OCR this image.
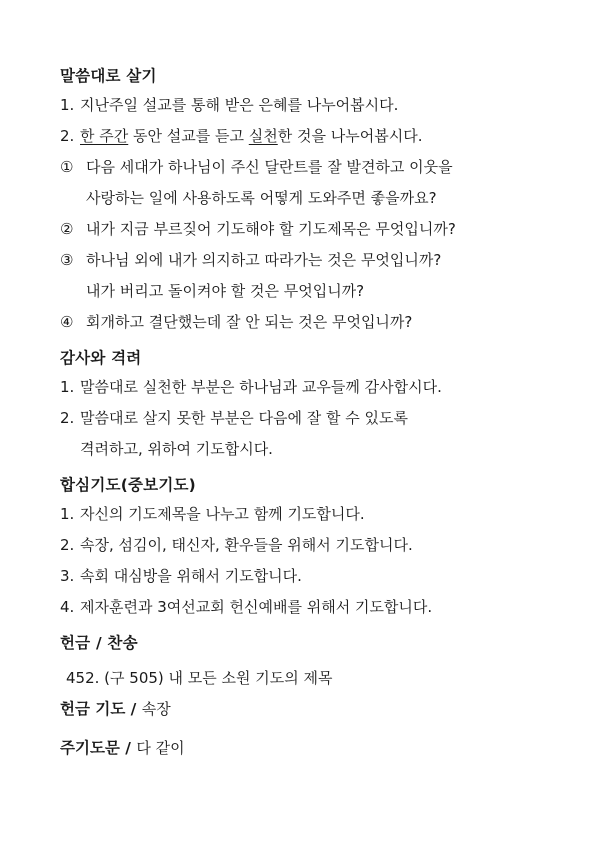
말씀대로 살기
1. 지난주일 설교를 통해 받은 은혜를 나누어봅시다.
2. 한 주간 동안 설교를 듣고 실천한 것을 나누어봅시다.
① 다음 세대가 하나님이 주신 달란트를 잘 발견하고 이웃을
사랑하는 일에 사용하도록 어떻게 도와주면 좋을까요?
② 내가 지금 부르짖어 기도해야 할 기도제목은 무엇입니까?
③ 하나님 외에 내가 의지하고 따라가는 것은 무엇입니까?
내가 버리고 돌이켜야 할 것은 무엇입니까?
④ 회개하고 결단했는데 잘 안 되는 것은 무엇입니까?
감사와 격려
1. 말씀대로 실천한 부분은 하나님과 교우들께 감사합시다.
2. 말씀대로 살지 못한 부분은 다음에 잘 할 수 있도록
격려하고, 위하여 기도합시다.
합심기도(중보기도)
1. 자신의 기도제목을 나누고 함께 기도합니다.
2. 속장, 섬김이, 태신자, 환우들을 위해서 기도합니다.
3. 속회 대심방을 위해서 기도합니다.
4. 제자훈련과 3여선교회 헌신예배를 위해서 기도합니다.
헌금 / 찬송
452. (구 505) 내 모든 소원 기도의 제목
헌금 기도 / 속장
주기도문 / 다 같이
